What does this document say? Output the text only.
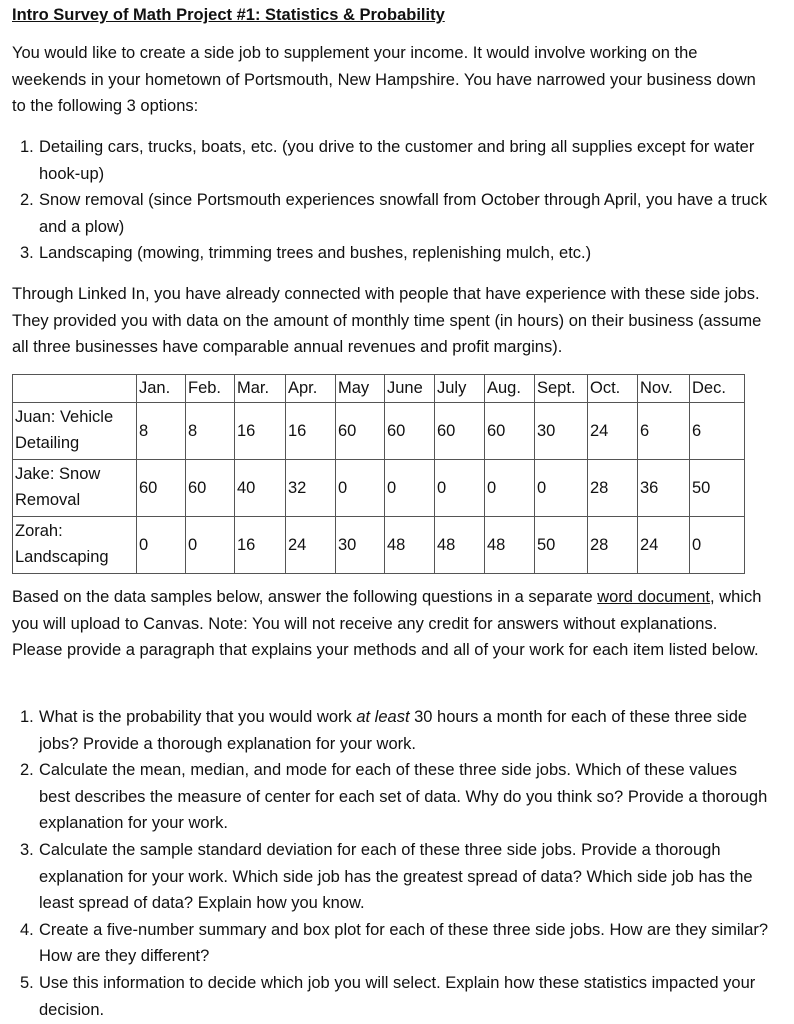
Intro Survey of Math Project #1: Statistics & Probability

You would like to create a side job to supplement your income. It would involve working on the weekends in your hometown of Portsmouth, New Hampshire. You have narrowed your business down to the following 3 options:

1. Detailing cars, trucks, boats, etc. (you drive to the customer and bring all supplies except for water hook-up)
2. Snow removal (since Portsmouth experiences snowfall from October through April, you have a truck and a plow)
3. Landscaping (mowing, trimming trees and bushes, replenishing mulch, etc.)

Through Linked In, you have already connected with people that have experience with these side jobs. They provided you with data on the amount of monthly time spent (in hours) on their business (assume all three businesses have comparable annual revenues and profit margins).

	Jan.	Feb.	Mar.	Apr.	May	June	July	Aug.	Sept.	Oct.	Nov.	Dec.
Juan: Vehicle Detailing	8	8	16	16	60	60	60	60	30	24	6	6
Jake: Snow Removal	60	60	40	32	0	0	0	0	0	28	36	50
Zorah: Landscaping	0	0	16	24	30	48	48	48	50	28	24	0

Based on the data samples below, answer the following questions in a separate word document, which you will upload to Canvas. Note: You will not receive any credit for answers without explanations. Please provide a paragraph that explains your methods and all of your work for each item listed below.

1. What is the probability that you would work at least 30 hours a month for each of these three side jobs? Provide a thorough explanation for your work.
2. Calculate the mean, median, and mode for each of these three side jobs. Which of these values best describes the measure of center for each set of data. Why do you think so? Provide a thorough explanation for your work.
3. Calculate the sample standard deviation for each of these three side jobs. Provide a thorough explanation for your work. Which side job has the greatest spread of data? Which side job has the least spread of data? Explain how you know.
4. Create a five-number summary and box plot for each of these three side jobs. How are they similar? How are they different?
5. Use this information to decide which job you will select. Explain how these statistics impacted your decision.
